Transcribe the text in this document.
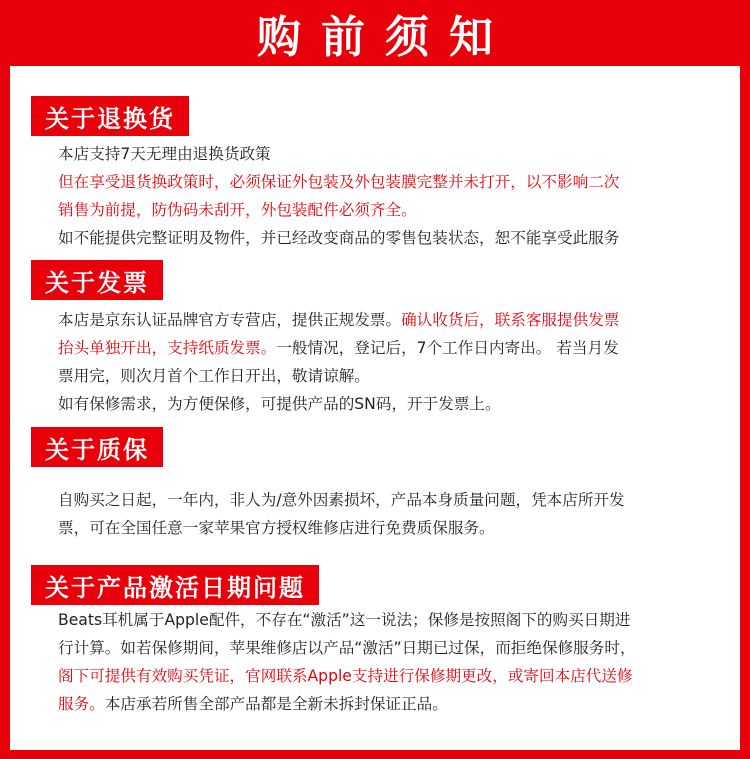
购前须知
关于退换货
本店支持7天无理由退换货政策
但在享受退货换政策时，必须保证外包装及外包装膜完整并未打开，以不影响二次
销售为前提，防伪码未刮开，外包装配件必须齐全。
如不能提供完整证明及物件，并已经改变商品的零售包装状态，恕不能享受此服务
关于发票
本店是京东认证品牌官方专营店，提供正规发票。确认收货后，联系客服提供发票
抬头单独开出，支持纸质发票。一般情况，登记后，7个工作日内寄出。 若当月发
票用完，则次月首个工作日开出，敬请谅解。
如有保修需求，为方便保修，可提供产品的SN码，开于发票上。
关于质保
自购买之日起，一年内，非人为/意外因素损坏，产品本身质量问题，凭本店所开发
票，可在全国任意一家苹果官方授权维修店进行免费质保服务。
关于产品激活日期问题
Beats耳机属于Apple配件，不存在“激活”这一说法；保修是按照阁下的购买日期进
行计算。如若保修期间，苹果维修店以产品“激活”日期已过保，而拒绝保修服务时，
阁下可提供有效购买凭证，官网联系Apple支持进行保修期更改，或寄回本店代送修
服务。本店承若所售全部产品都是全新未拆封保证正品。
